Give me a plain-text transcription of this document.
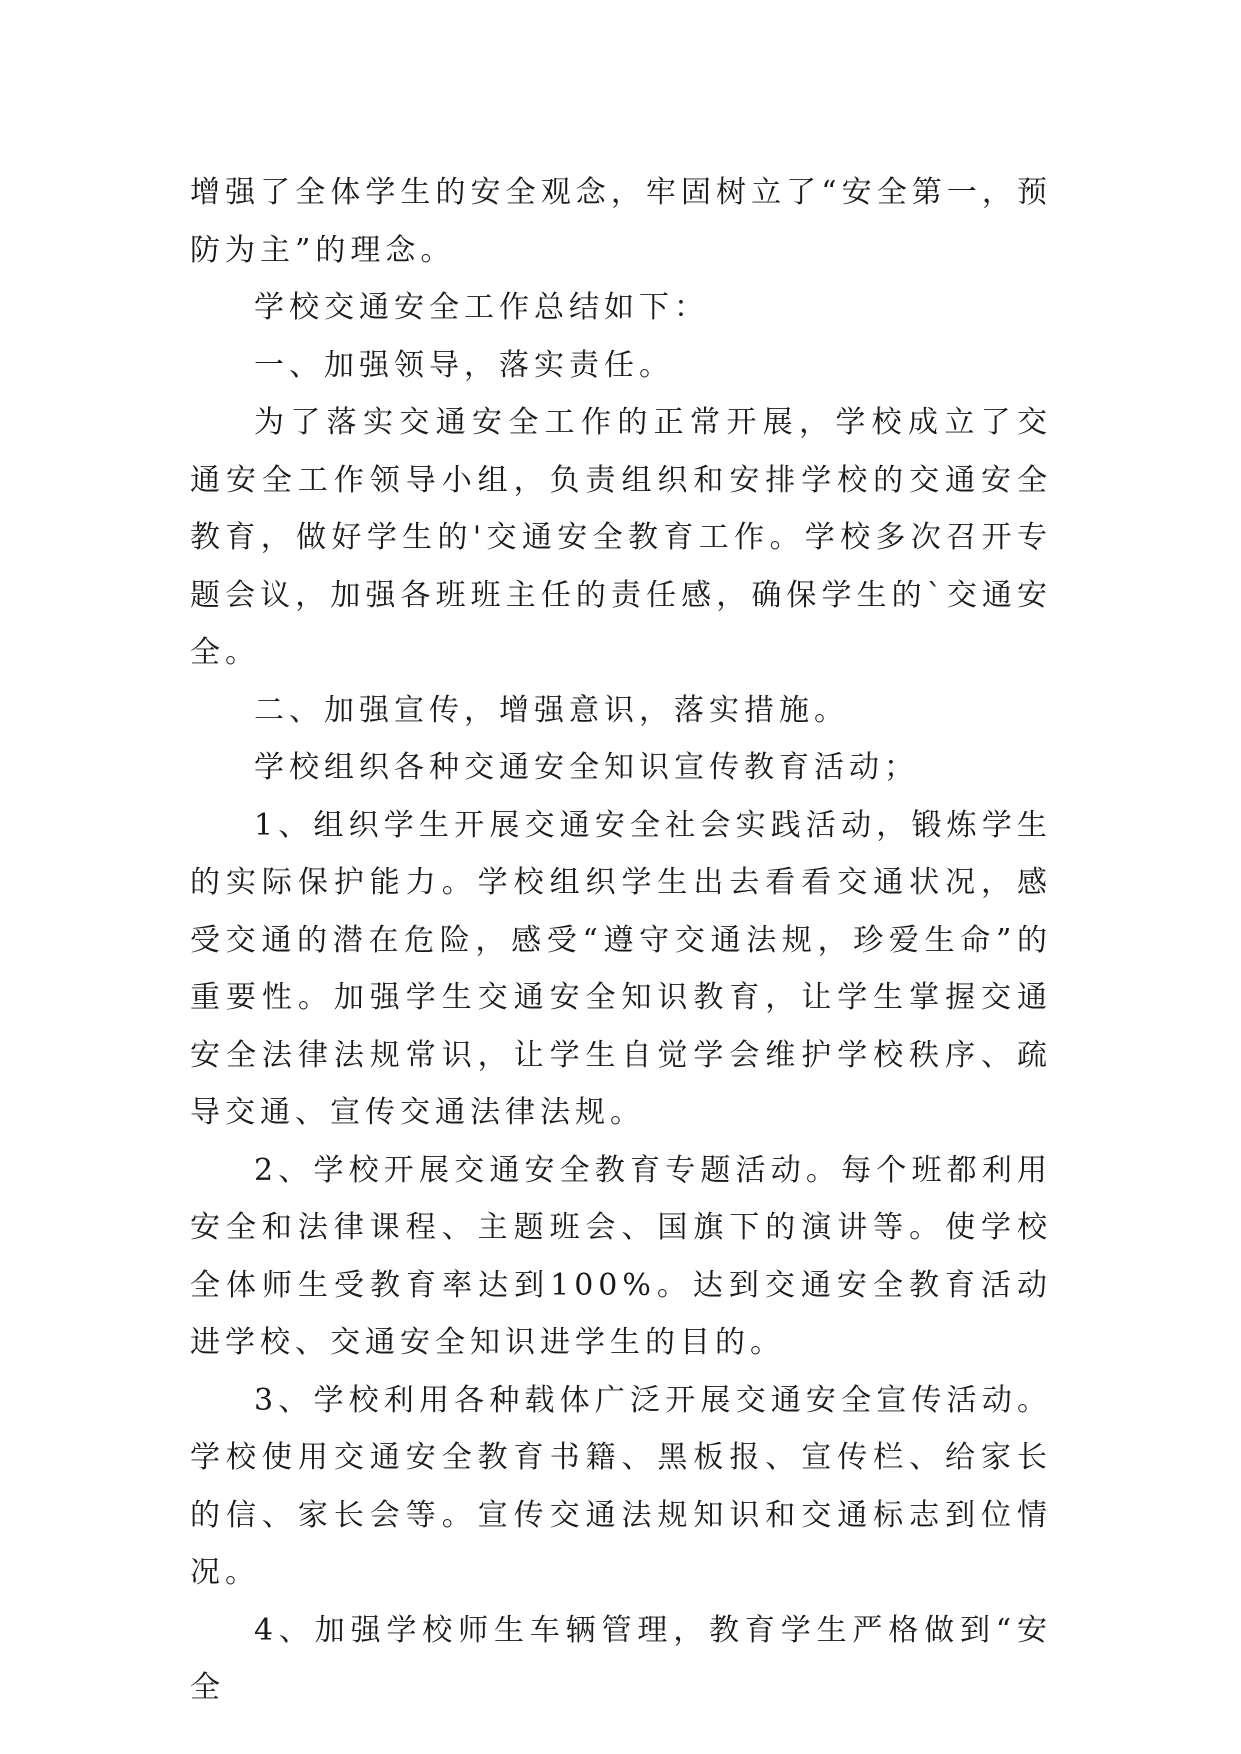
增强了全体学生的安全观念，牢固树立了“安全第一，预防为主”的理念。

学校交通安全工作总结如下：

一、加强领导，落实责任。

为了落实交通安全工作的正常开展，学校成立了交通安全工作领导小组，负责组织和安排学校的交通安全教育，做好学生的'交通安全教育工作。学校多次召开专题会议，加强各班班主任的责任感，确保学生的`交通安全。

二、加强宣传，增强意识，落实措施。

学校组织各种交通安全知识宣传教育活动；

1、组织学生开展交通安全社会实践活动，锻炼学生的实际保护能力。学校组织学生出去看看交通状况，感受交通的潜在危险，感受“遵守交通法规，珍爱生命”的重要性。加强学生交通安全知识教育，让学生掌握交通安全法律法规常识，让学生自觉学会维护学校秩序、疏导交通、宣传交通法律法规。

2、学校开展交通安全教育专题活动。每个班都利用安全和法律课程、主题班会、国旗下的演讲等。使学校全体师生受教育率达到100%。达到交通安全教育活动进学校、交通安全知识进学生的目的。

3、学校利用各种载体广泛开展交通安全宣传活动。学校使用交通安全教育书籍、黑板报、宣传栏、给家长的信、家长会等。宣传交通法规知识和交通标志到位情况。

4、加强学校师生车辆管理，教育学生严格做到“安全
